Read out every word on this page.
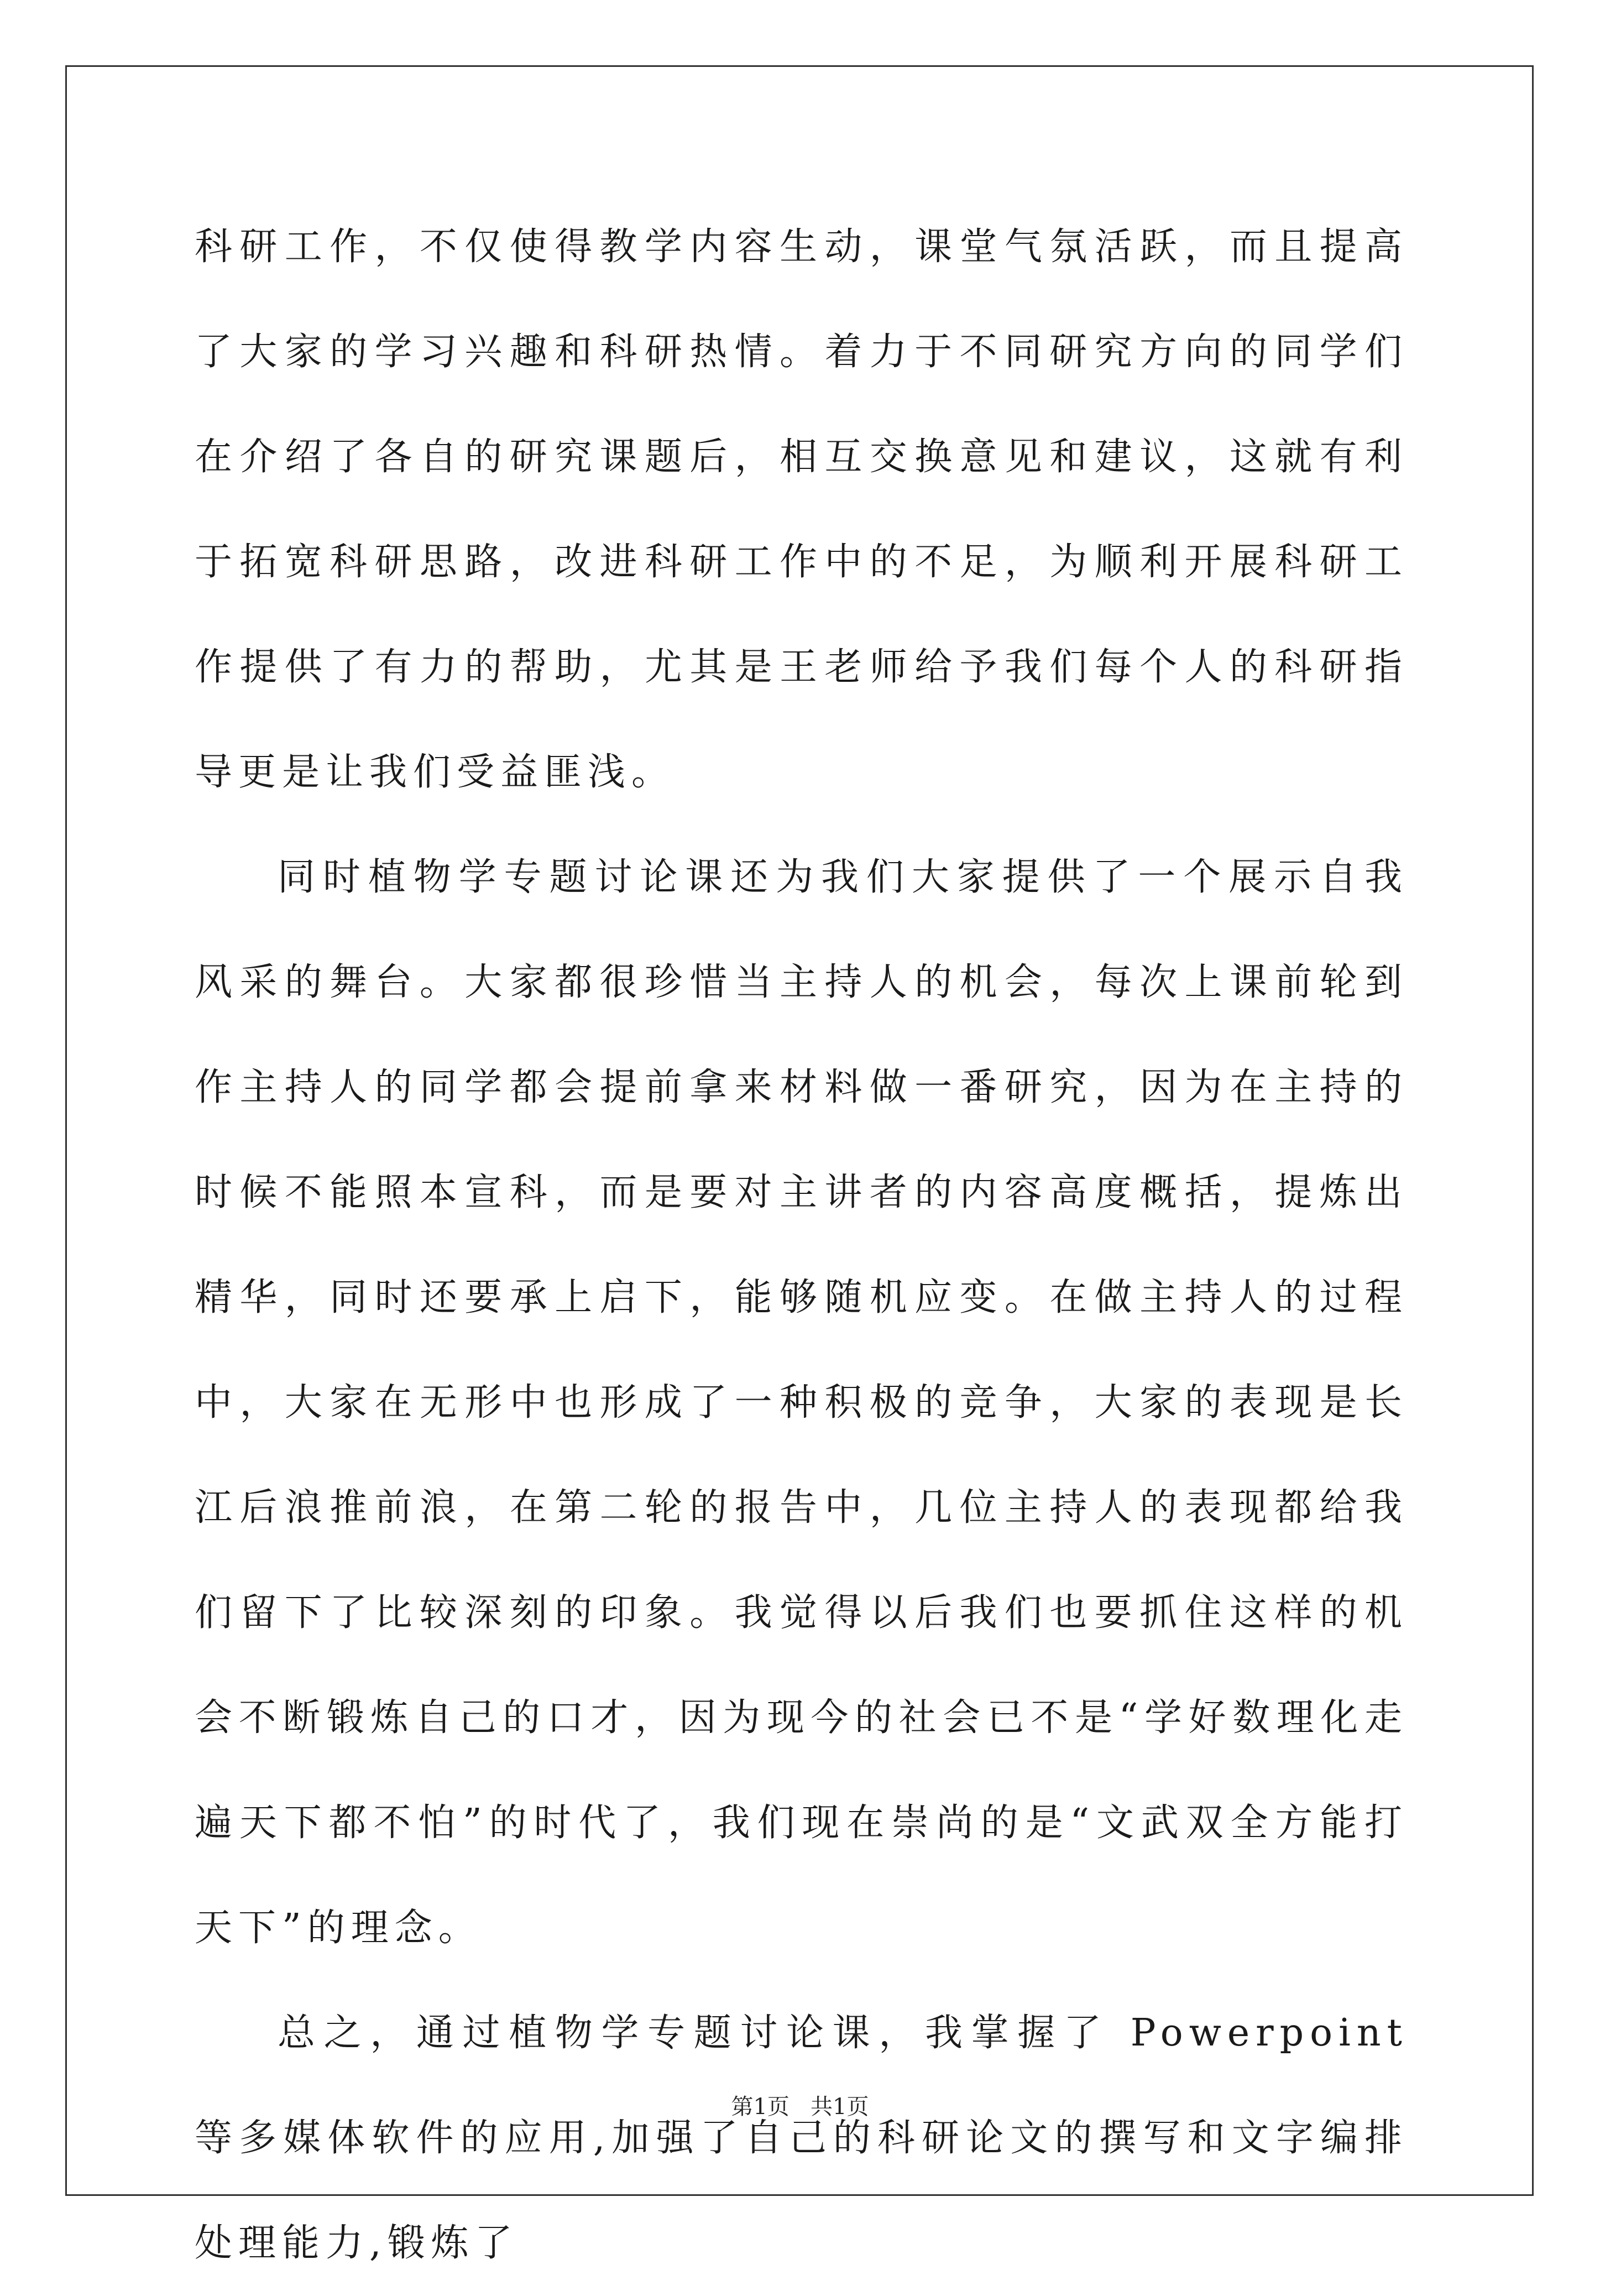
科研工作，不仅使得教学内容生动，课堂气氛活跃，而且提高了大家的学习兴趣和科研热情。着力于不同研究方向的同学们在介绍了各自的研究课题后，相互交换意见和建议，这就有利于拓宽科研思路，改进科研工作中的不足，为顺利开展科研工作提供了有力的帮助，尤其是王老师给予我们每个人的科研指导更是让我们受益匪浅。

同时植物学专题讨论课还为我们大家提供了一个展示自我风采的舞台。大家都很珍惜当主持人的机会，每次上课前轮到作主持人的同学都会提前拿来材料做一番研究，因为在主持的时候不能照本宣科，而是要对主讲者的内容高度概括，提炼出精华，同时还要承上启下，能够随机应变。在做主持人的过程中，大家在无形中也形成了一种积极的竞争，大家的表现是长江后浪推前浪，在第二轮的报告中，几位主持人的表现都给我们留下了比较深刻的印象。我觉得以后我们也要抓住这样的机会不断锻炼自己的口才，因为现今的社会已不是“学好数理化走遍天下都不怕”的时代了，我们现在崇尚的是“文武双全方能打天下”的理念。

总之，通过植物学专题讨论课，我掌握了 Powerpoint 等多媒体软件的应用,加强了自己的科研论文的撰写和文字编排处理能力,锻炼了

第1页   共1页
